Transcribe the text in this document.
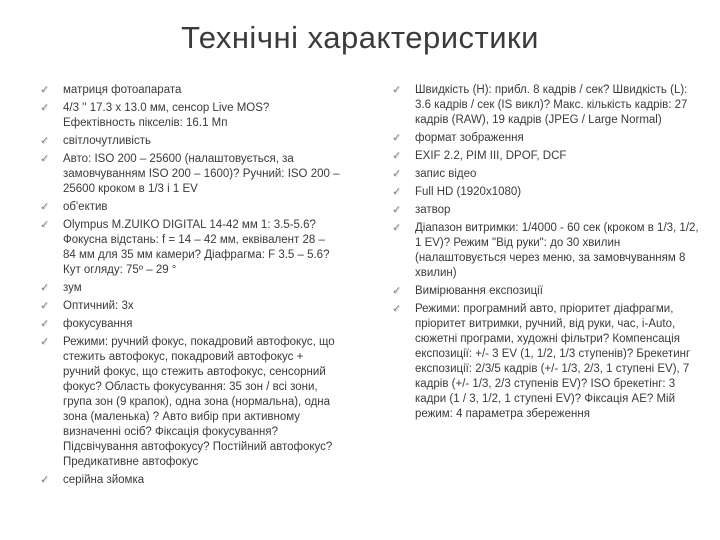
Технічні характеристики
✓	матриця фотоапарата
✓	4/3 '' 17.3 x 13.0 мм, сенсор Live MOS? Ефектівность пікселів: 16.1 Мп
✓	світлочутливість
✓	Авто: ISO 200 – 25600 (налаштовується, за замовчуванням ISO 200 – 1600)? Ручний: ISO 200 – 25600 кроком в 1/3 і 1 EV
✓	об'ектив
✓	Olympus M.ZUIKO DIGITAL 14-42 мм 1: 3.5-5.6? Фокусна відстань: f = 14 – 42 мм, еквівалент 28 – 84 мм для 35 мм камери? Діафрагма: F 3.5 – 5.6? Кут огляду: 75º – 29 °
✓	зум
✓	Оптичний: 3x
✓	фокусування
✓	Режими: ручний фокус, покадровий автофокус, що стежить автофокус, покадровий автофокус + ручний фокус, що стежить автофокус, сенсорний фокус? Область фокусування: 35 зон / всі зони, група зон (9 крапок), одна зона (нормальна), одна зона (маленька) ? Авто вибір при активному визначенні осіб? Фіксація фокусування? Підсвічування автофокусу? Постійний автофокус? Предикативне автофокус
✓	серійна зйомка
✓	Швидкість (H): прибл. 8 кадрів / сек? Швидкість (L): 3.6 кадрів / сек (IS викл)? Макс. кількість кадрів: 27 кадрів (RAW), 19 кадрів (JPEG / Large Normal)
✓	формат зображення
✓	EXIF 2.2, PIM III, DPOF, DCF
✓	запис відео
✓	Full HD (1920x1080)
✓	затвор
✓	Діапазон витримки: 1/4000 - 60 сек (кроком в 1/3, 1/2, 1 EV)? Режим "Від руки": до 30 хвилин (налаштовується через меню, за замовчуванням 8 хвилин)
✓	Вимірювання експозиції
✓	Режими: програмний авто, пріоритет діафрагми, пріоритет витримки, ручний, від руки, час, i-Auto, сюжетні програми, художні фільтри? Компенсація експозиції: +/- 3 EV (1, 1/2, 1/3 ступенів)? Брекетинг експозиції: 2/3/5 кадрів (+/- 1/3, 2/3, 1 ступені EV), 7 кадрів (+/- 1/3, 2/3 ступенів EV)? ISO брекетінг: 3 кадри (1 / 3, 1/2, 1 ступені EV)? Фіксація АЕ? Мій режим: 4 параметра збереження
